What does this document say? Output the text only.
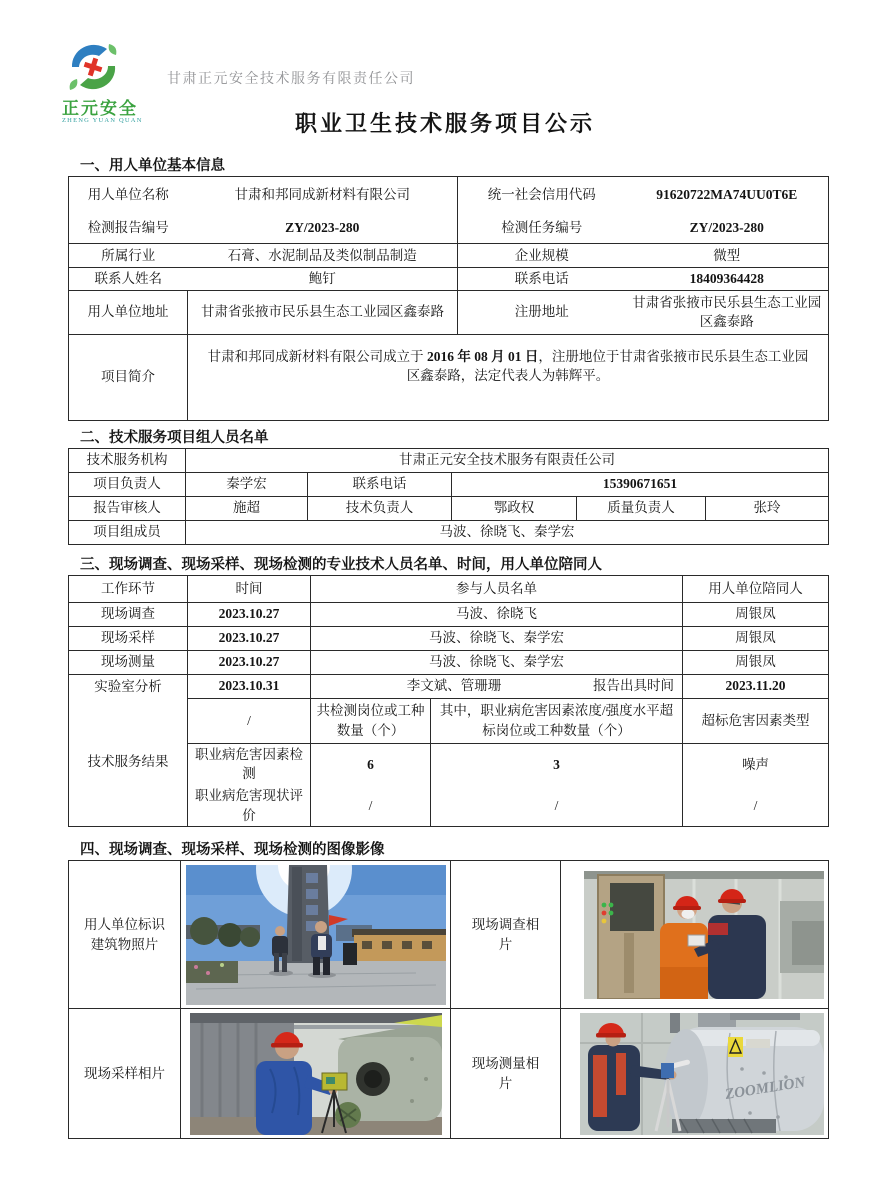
正元安全
ZHENG YUAN QUAN
甘肃正元安全技术服务有限责任公司
职业卫生技术服务项目公示
一、用人单位基本信息
用人单位名称	甘肃和邦同成新材料有限公司	统一社会信用代码	91620722MA74UU0T6E
检测报告编号	ZY/2023-280	检测任务编号	ZY/2023-280
所属行业	石膏、水泥制品及类似制品制造	企业规模	微型
联系人姓名	鲍钉	联系电话	18409364428
用人单位地址	甘肃省张掖市民乐县生态工业园区鑫泰路	注册地址	甘肃省张掖市民乐县生态工业园区鑫泰路
项目简介	甘肃和邦同成新材料有限公司成立于 2016 年 08 月 01 日，注册地位于甘肃省张掖市民乐县生态工业园区鑫泰路，法定代表人为韩辉平。		
二、技术服务项目组人员名单
技术服务机构	甘肃正元安全技术服务有限责任公司				
项目负责人	秦学宏	联系电话	15390671651		
报告审核人	施超	技术负责人	鄂政权	质量负责人	张玲
项目组成员	马波、徐晓飞、秦学宏				
三、现场调查、现场采样、现场检测的专业技术人员名单、时间，用人单位陪同人
工作环节	时间	参与人员名单		用人单位陪同人
现场调查	2023.10.27	马波、徐晓飞		周银凤
现场采样	2023.10.27	马波、徐晓飞、秦学宏		周银凤
现场测量	2023.10.27	马波、徐晓飞、秦学宏		周银凤
实验室分析	2023.10.31	李文斌、管珊珊 报告出具时间		2023.11.20
技术服务结果	/	共检测岗位或工种数量（个）	其中，职业病危害因素浓度/强度水平超标岗位或工种数量（个）	超标危害因素类型
	职业病危害因素检测	6	3	噪声
	职业病危害现状评价	/	/	/
四、现场调查、现场采样、现场检测的图像影像
用人单位标识建筑物照片		现场调查相片

现场采样相片		现场测量相片	ZOOMLION
